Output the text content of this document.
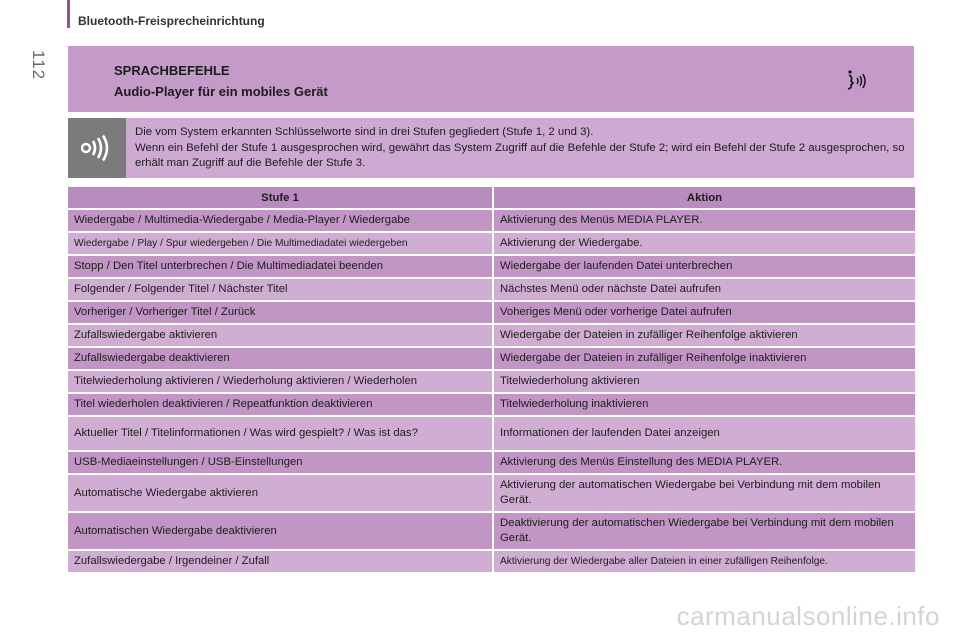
112
Bluetooth-Freisprecheinrichtung
SPRACHBEFEHLE
Audio-Player für ein mobiles Gerät
Die vom System erkannten Schlüsselworte sind in drei Stufen gegliedert (Stufe 1, 2 und 3).
Wenn ein Befehl der Stufe 1 ausgesprochen wird, gewährt das System Zugriff auf die Befehle der Stufe 2; wird ein Befehl der Stufe 2 ausgesprochen, so erhält man Zugriff auf die Befehle der Stufe 3.
Stufe 1	Aktion
Wiedergabe / Multimedia-Wiedergabe / Media-Player / Wiedergabe	Aktivierung des Menüs MEDIA PLAYER.
Wiedergabe / Play / Spur wiedergeben / Die Multimediadatei wiedergeben	Aktivierung der Wiedergabe.
Stopp / Den Titel unterbrechen / Die Multimediadatei beenden	Wiedergabe der laufenden Datei unterbrechen
Folgender / Folgender Titel / Nächster Titel	Nächstes Menü oder nächste Datei aufrufen
Vorheriger / Vorheriger Titel / Zurück	Voheriges Menü oder vorherige Datei aufrufen
Zufallswiedergabe aktivieren	Wiedergabe der Dateien in zufälliger Reihenfolge aktivieren
Zufallswiedergabe deaktivieren	Wiedergabe der Dateien in zufälliger Reihenfolge inaktivieren
Titelwiederholung aktivieren / Wiederholung aktivieren / Wiederholen	Titelwiederholung aktivieren
Titel wiederholen deaktivieren / Repeatfunktion deaktivieren	Titelwiederholung inaktivieren
Aktueller Titel / Titelinformationen / Was wird gespielt? / Was ist das?	Informationen der laufenden Datei anzeigen
USB-Mediaeinstellungen / USB-Einstellungen	Aktivierung des Menüs Einstellung des MEDIA PLAYER.
Automatische Wiedergabe aktivieren	Aktivierung der automatischen Wiedergabe bei Verbindung mit dem mobilen Gerät.
Automatischen Wiedergabe deaktivieren	Deaktivierung der automatischen Wiedergabe bei Verbindung mit dem mobilen Gerät.
Zufallswiedergabe / Irgendeiner / Zufall	Aktivierung der Wiedergabe aller Dateien in einer zufälligen Reihenfolge.
carmanualsonline.info
